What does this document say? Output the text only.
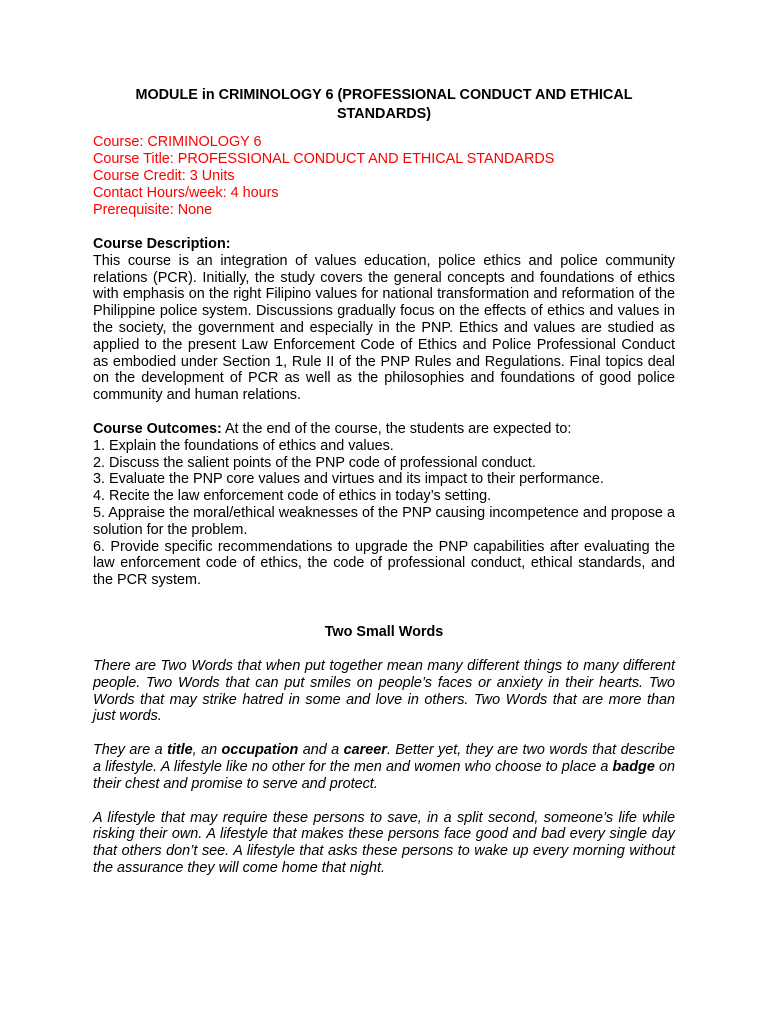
MODULE in CRIMINOLOGY 6 (PROFESSIONAL CONDUCT AND ETHICAL STANDARDS)

Course: CRIMINOLOGY 6
Course Title: PROFESSIONAL CONDUCT AND ETHICAL STANDARDS
Course Credit: 3 Units
Contact Hours/week: 4 hours
Prerequisite: None
Course Description:
This course is an integration of values education, police ethics and police community relations (PCR). Initially, the study covers the general concepts and foundations of ethics with emphasis on the right Filipino values for national transformation and reformation of the Philippine police system. Discussions gradually focus on the effects of ethics and values in the society, the government and especially in the PNP. Ethics and values are studied as applied to the present Law Enforcement Code of Ethics and Police Professional Conduct as embodied under Section 1, Rule II of the PNP Rules and Regulations. Final topics deal on the development of PCR as well as the philosophies and foundations of good police community and human relations.
Course Outcomes: At the end of the course, the students are expected to:
1. Explain the foundations of ethics and values.
2. Discuss the salient points of the PNP code of professional conduct.
3. Evaluate the PNP core values and virtues and its impact to their performance.
4. Recite the law enforcement code of ethics in today’s setting.
5. Appraise the moral/ethical weaknesses of the PNP causing incompetence and propose a solution for the problem.
6. Provide specific recommendations to upgrade the PNP capabilities after evaluating the law enforcement code of ethics, the code of professional conduct, ethical standards, and the PCR system.
Two Small Words
There are Two Words that when put together mean many different things to many different people. Two Words that can put smiles on people’s faces or anxiety in their hearts. Two Words that may strike hatred in some and love in others. Two Words that are more than just words.
They are a title, an occupation and a career. Better yet, they are two words that describe a lifestyle. A lifestyle like no other for the men and women who choose to place a badge on their chest and promise to serve and protect.
A lifestyle that may require these persons to save, in a split second, someone’s life while risking their own. A lifestyle that makes these persons face good and bad every single day that others don’t see. A lifestyle that asks these persons to wake up every morning without the assurance they will come home that night.
